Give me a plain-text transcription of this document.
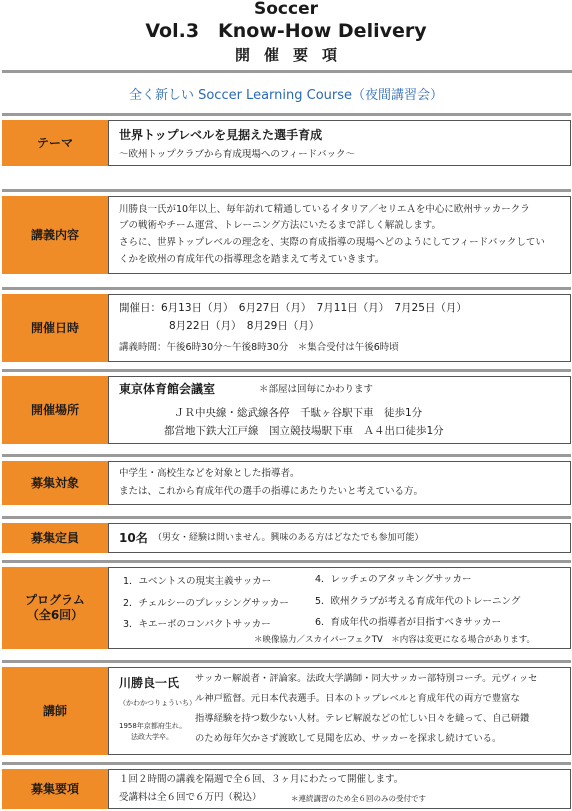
Soccer
Vol.3　Know-How Delivery
開催要項
全く新しい Soccer Learning Course（夜間講習会）
テーマ
世界トップレベルを見据えた選手育成
〜欧州トップクラブから育成現場へのフィードバック〜
講義内容
川勝良一氏が10年以上、毎年訪れて精通しているイタリア／セリエＡを中心に欧州サッカークラ
ブの戦術やチーム運営、トレーニング方法にいたるまで詳しく解説します。
さらに、世界トップレベルの理念を、実際の育成指導の現場へどのようにしてフィードバックしてい
くかを欧州の育成年代の指導理念を踏まえて考えていきます。
開催日時
開催日：6月13日（月）　6月27日（月）　7月11日（月）　7月25日（月）
8月22日（月）　8月29日（月）
講義時間：午後6時30分〜午後8時30分　＊集合受付は午後6時頃
開催場所
東京体育館会議室	＊部屋は回毎にかわります
ＪＲ中央線・総武線各停　千駄ヶ谷駅下車　徒歩1分
都営地下鉄大江戸線　国立競技場駅下車　Ａ４出口徒歩1分
募集対象
中学生・高校生などを対象とした指導者。
または、これから育成年代の選手の指導にあたりたいと考えている方。
募集定員	10名 （男女・経験は問いません。興味のある方はどなたでも参加可能）
プログラム
（全6回）
1．ユベントスの現実主義サッカー
2．チェルシーのプレッシングサッカー
3．キエーボのコンパクトサッカー
4．レッチェのアタッキングサッカー
5．欧州クラブが考える育成年代のトレーニング
6．育成年代の指導者が目指すべきサッカー
＊映像協力／スカイパーフェクTV　＊内容は変更になる場合があります。
講師
川勝良一氏
（かわかつりょういち）
1958年京都府生れ。
法政大学卒。
サッカー解説者・評論家。法政大学講師・同大サッカー部特別コーチ。元ヴィッセ
ル神戸監督。元日本代表選手。日本のトップレベルと育成年代の両方で豊富な
指導経験を持つ数少ない人材。テレビ解説などの忙しい日々を縫って、自己研鑽
のため毎年欠かさず渡欧して見聞を広め、サッカーを探求し続けている。
募集要項
１回２時間の講義を隔週で全６回、３ヶ月にわたって開催します。
受講料は全６回で６万円（税込）	＊連続講習のため全６回のみの受付です
